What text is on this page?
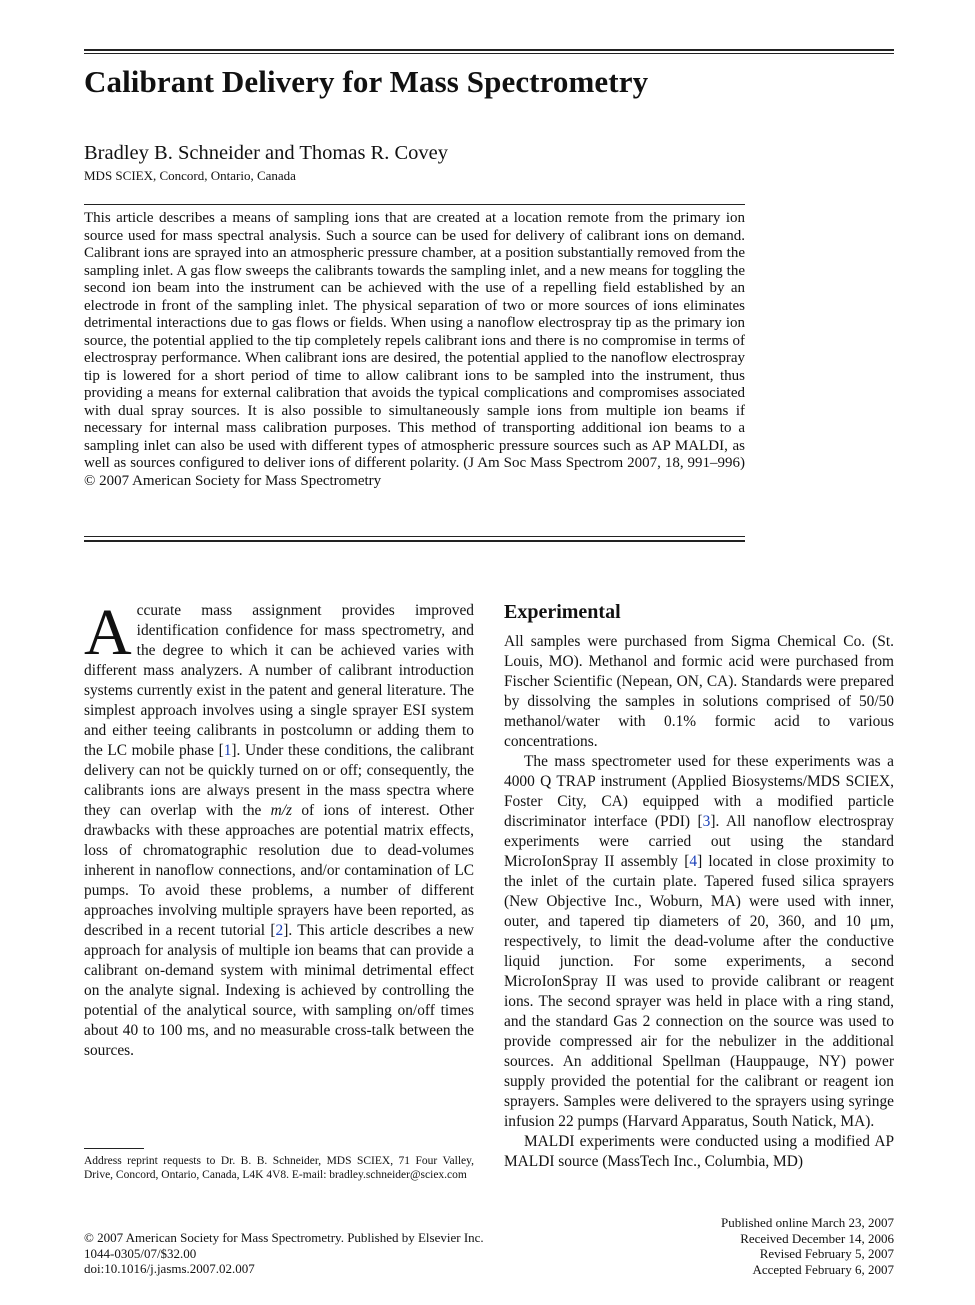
Calibrant Delivery for Mass Spectrometry
Bradley B. Schneider and Thomas R. Covey
MDS SCIEX, Concord, Ontario, Canada

This article describes a means of sampling ions that are created at a location remote from the primary ion source used for mass spectral analysis. Such a source can be used for delivery of calibrant ions on demand. Calibrant ions are sprayed into an atmospheric pressure chamber, at a position substantially removed from the sampling inlet. A gas flow sweeps the calibrants towards the sampling inlet, and a new means for toggling the second ion beam into the instrument can be achieved with the use of a repelling field established by an electrode in front of the sampling inlet. The physical separation of two or more sources of ions eliminates detrimental interactions due to gas flows or fields. When using a nanoflow electrospray tip as the primary ion source, the potential applied to the tip completely repels calibrant ions and there is no compromise in terms of electrospray performance. When calibrant ions are desired, the potential applied to the nanoflow electrospray tip is lowered for a short period of time to allow calibrant ions to be sampled into the instrument, thus providing a means for external calibration that avoids the typical complications and compromises associated with dual spray sources. It is also possible to simultaneously sample ions from multiple ion beams if necessary for internal mass calibration purposes. This method of transporting additional ion beams to a sampling inlet can also be used with different types of atmospheric pressure sources such as AP MALDI, as well as sources configured to deliver ions of different polarity. (J Am Soc Mass Spectrom 2007, 18, 991–996) © 2007 American Society for Mass Spectrometry

Accurate mass assignment provides improved identification confidence for mass spectrometry, and the degree to which it can be achieved varies with different mass analyzers. A number of calibrant introduction systems currently exist in the patent and general literature. The simplest approach involves using a single sprayer ESI system and either teeing calibrants in postcolumn or adding them to the LC mobile phase [1]. Under these conditions, the calibrant delivery can not be quickly turned on or off; consequently, the calibrants ions are always present in the mass spectra where they can overlap with the m/z of ions of interest. Other drawbacks with these approaches are potential matrix effects, loss of chromatographic resolution due to dead-volumes inherent in nanoflow connections, and/or contamination of LC pumps. To avoid these problems, a number of different approaches involving multiple sprayers have been reported, as described in a recent tutorial [2]. This article describes a new approach for analysis of multiple ion beams that can provide a calibrant on-demand system with minimal detrimental effect on the analyte signal. Indexing is achieved by controlling the potential of the analytical source, with sampling on/off times about 40 to 100 ms, and no measurable cross-talk between the sources.

Address reprint requests to Dr. B. B. Schneider, MDS SCIEX, 71 Four Valley, Drive, Concord, Ontario, Canada, L4K 4V8. E-mail: bradley.schneider@sciex.com
Experimental

All samples were purchased from Sigma Chemical Co. (St. Louis, MO). Methanol and formic acid were purchased from Fischer Scientific (Nepean, ON, CA). Standards were prepared by dissolving the samples in solutions comprised of 50/50 methanol/water with 0.1% formic acid to various concentrations.

The mass spectrometer used for these experiments was a 4000 Q TRAP instrument (Applied Biosystems/MDS SCIEX, Foster City, CA) equipped with a modified particle discriminator interface (PDI) [3]. All nanoflow electrospray experiments were carried out using the standard MicroIonSpray II assembly [4] located in close proximity to the inlet of the curtain plate. Tapered fused silica sprayers (New Objective Inc., Woburn, MA) were used with inner, outer, and tapered tip diameters of 20, 360, and 10 μm, respectively, to limit the dead-volume after the conductive liquid junction. For some experiments, a second MicroIonSpray II was used to provide calibrant or reagent ions. The second sprayer was held in place with a ring stand, and the standard Gas 2 connection on the source was used to provide compressed air for the nebulizer in the additional sources. An additional Spellman (Hauppauge, NY) power supply provided the potential for the calibrant or reagent ion sprayers. Samples were delivered to the sprayers using syringe infusion 22 pumps (Harvard Apparatus, South Natick, MA).

MALDI experiments were conducted using a modified AP MALDI source (MassTech Inc., Columbia, MD)

© 2007 American Society for Mass Spectrometry. Published by Elsevier Inc.
1044-0305/07/$32.00
doi:10.1016/j.jasms.2007.02.007
Published online March 23, 2007
Received December 14, 2006
Revised February 5, 2007
Accepted February 6, 2007
